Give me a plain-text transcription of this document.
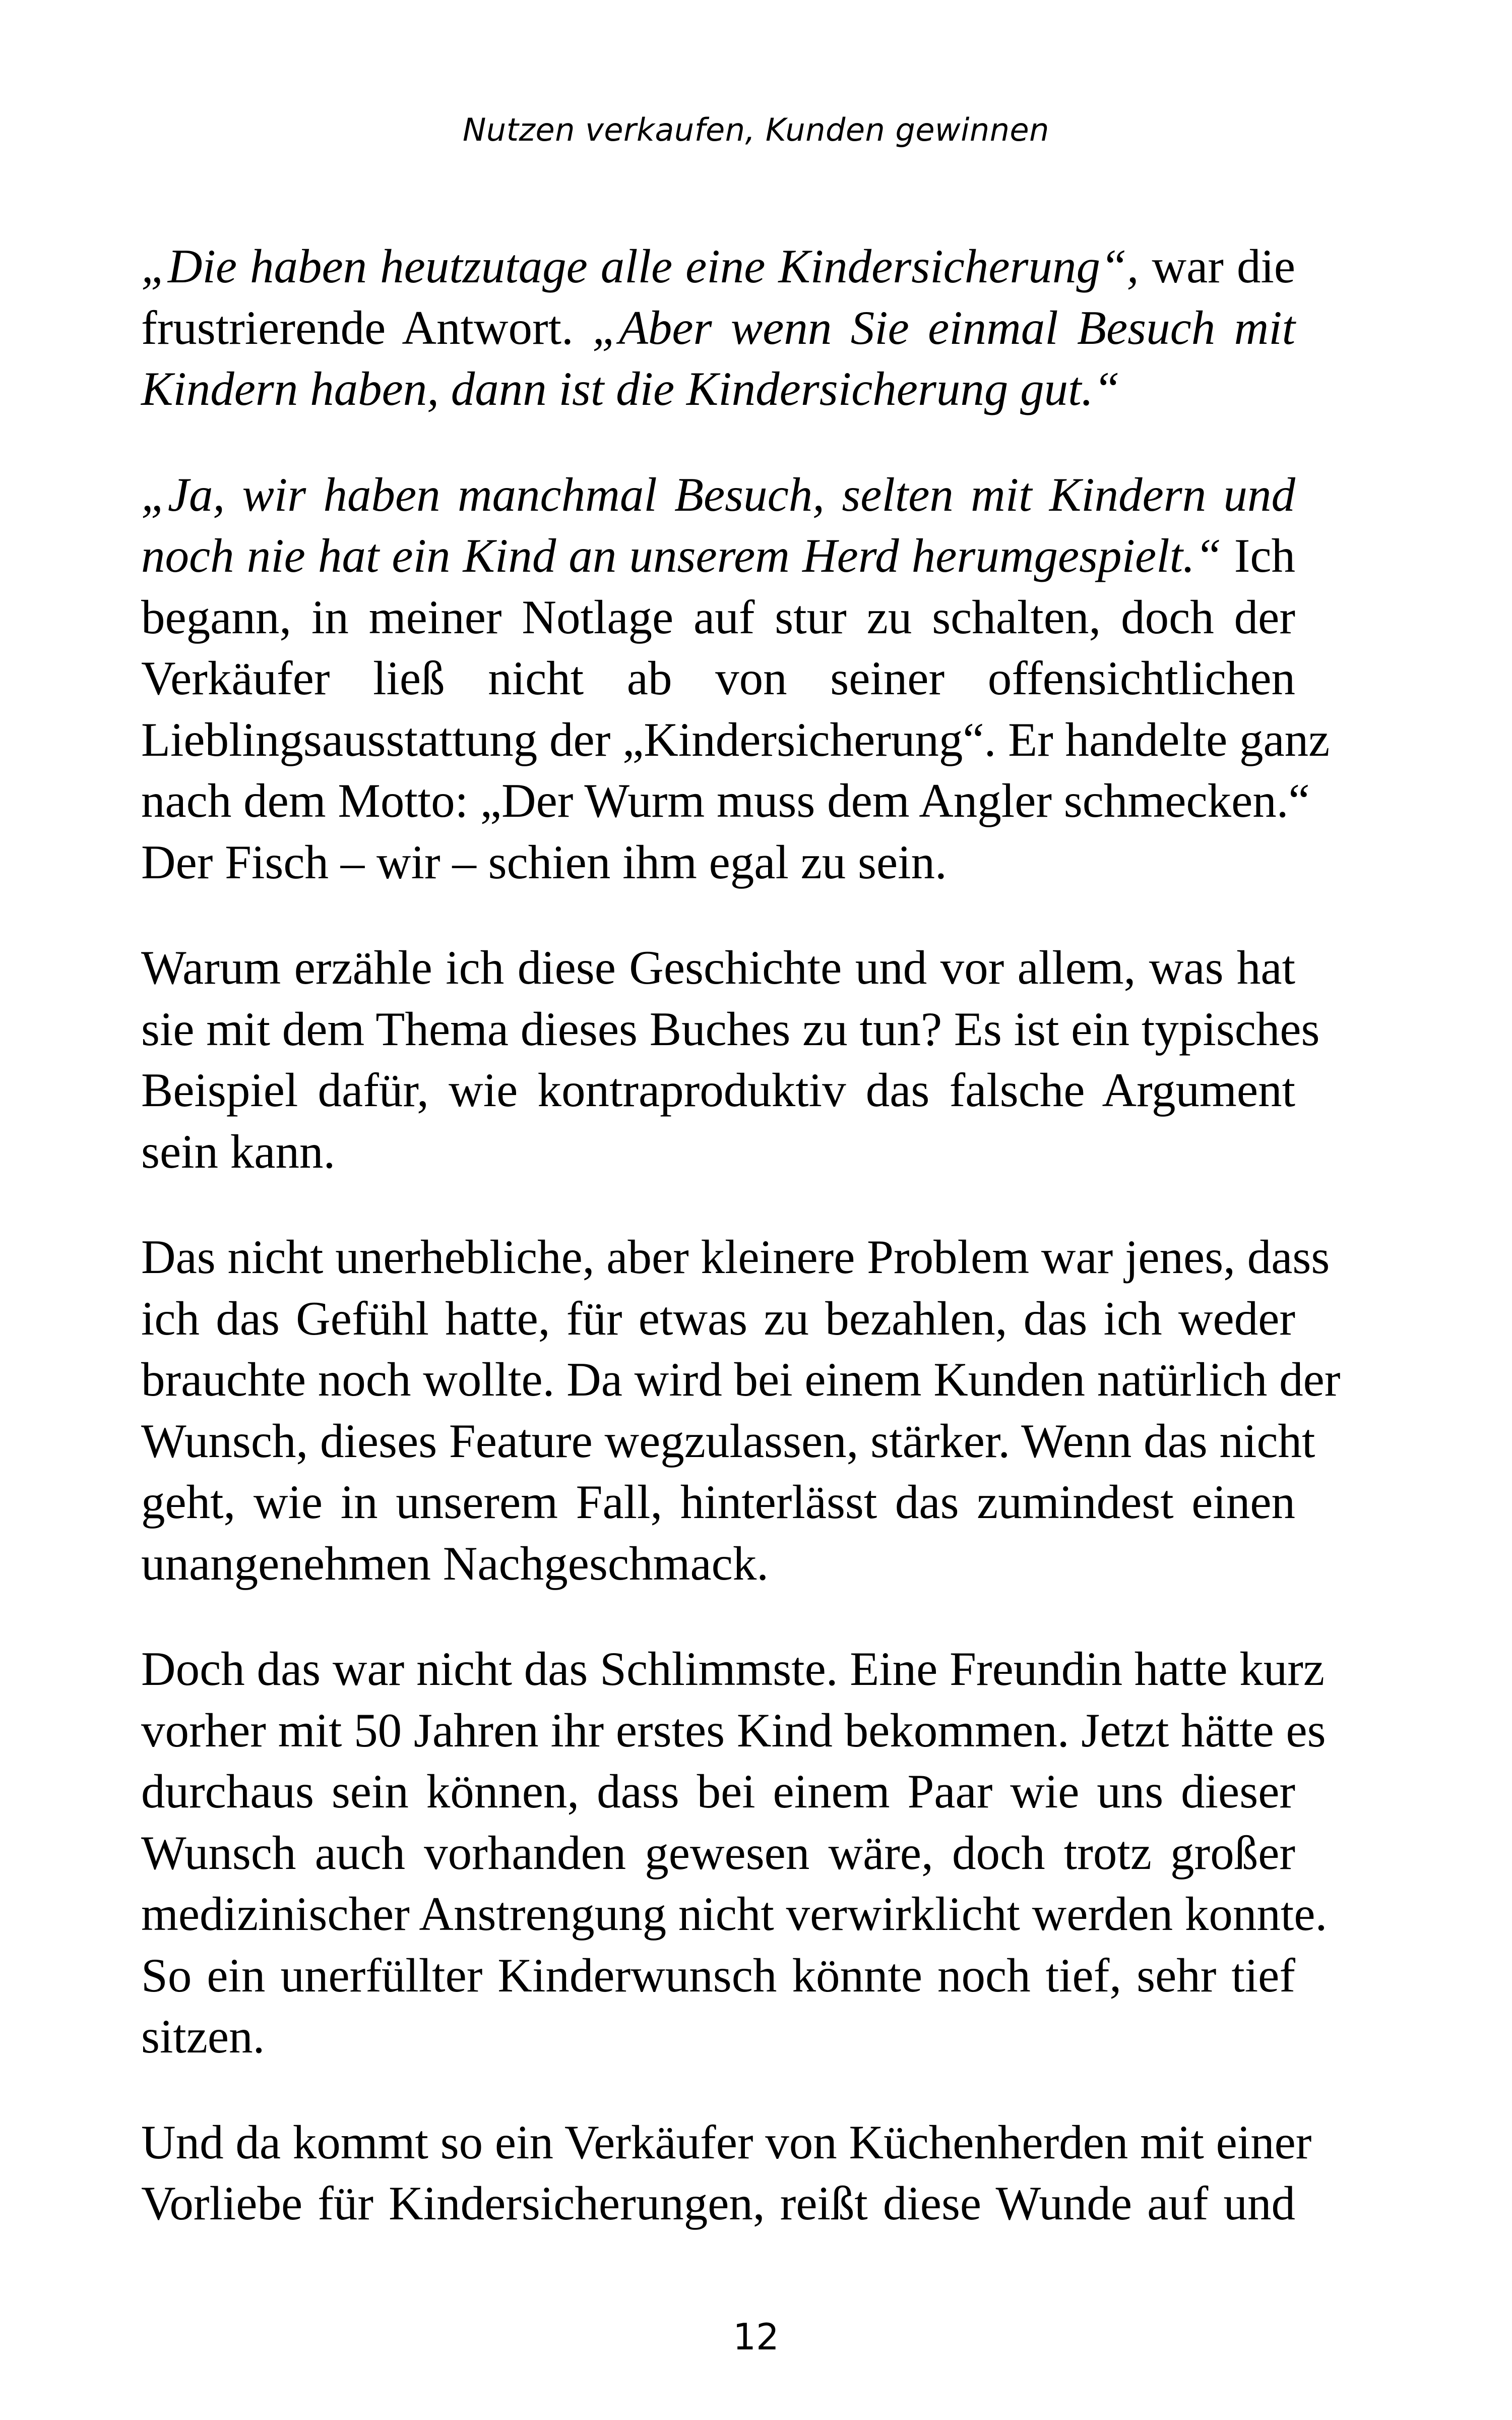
Nutzen verkaufen, Kunden gewinnen
„Die haben heutzutage alle eine Kindersicherung“, war die
frustrierende Antwort. „Aber wenn Sie einmal Besuch mit
Kindern haben, dann ist die Kindersicherung gut.“
„Ja, wir haben manchmal Besuch, selten mit Kindern und
noch nie hat ein Kind an unserem Herd herumgespielt.“ Ich
begann, in meiner Notlage auf stur zu schalten, doch der
Verkäufer ließ nicht ab von seiner offensichtlichen
Lieblingsausstattung der „Kindersicherung“. Er handelte ganz
nach dem Motto: „Der Wurm muss dem Angler schmecken.“
Der Fisch – wir – schien ihm egal zu sein.
Warum erzähle ich diese Geschichte und vor allem, was hat
sie mit dem Thema dieses Buches zu tun? Es ist ein typisches
Beispiel dafür, wie kontraproduktiv das falsche Argument
sein kann.
Das nicht unerhebliche, aber kleinere Problem war jenes, dass
ich das Gefühl hatte, für etwas zu bezahlen, das ich weder
brauchte noch wollte. Da wird bei einem Kunden natürlich der
Wunsch, dieses Feature wegzulassen, stärker. Wenn das nicht
geht, wie in unserem Fall, hinterlässt das zumindest einen
unangenehmen Nachgeschmack.
Doch das war nicht das Schlimmste. Eine Freundin hatte kurz
vorher mit 50 Jahren ihr erstes Kind bekommen. Jetzt hätte es
durchaus sein können, dass bei einem Paar wie uns dieser
Wunsch auch vorhanden gewesen wäre, doch trotz großer
medizinischer Anstrengung nicht verwirklicht werden konnte.
So ein unerfüllter Kinderwunsch könnte noch tief, sehr tief
sitzen.
Und da kommt so ein Verkäufer von Küchenherden mit einer
Vorliebe für Kindersicherungen, reißt diese Wunde auf und
12
